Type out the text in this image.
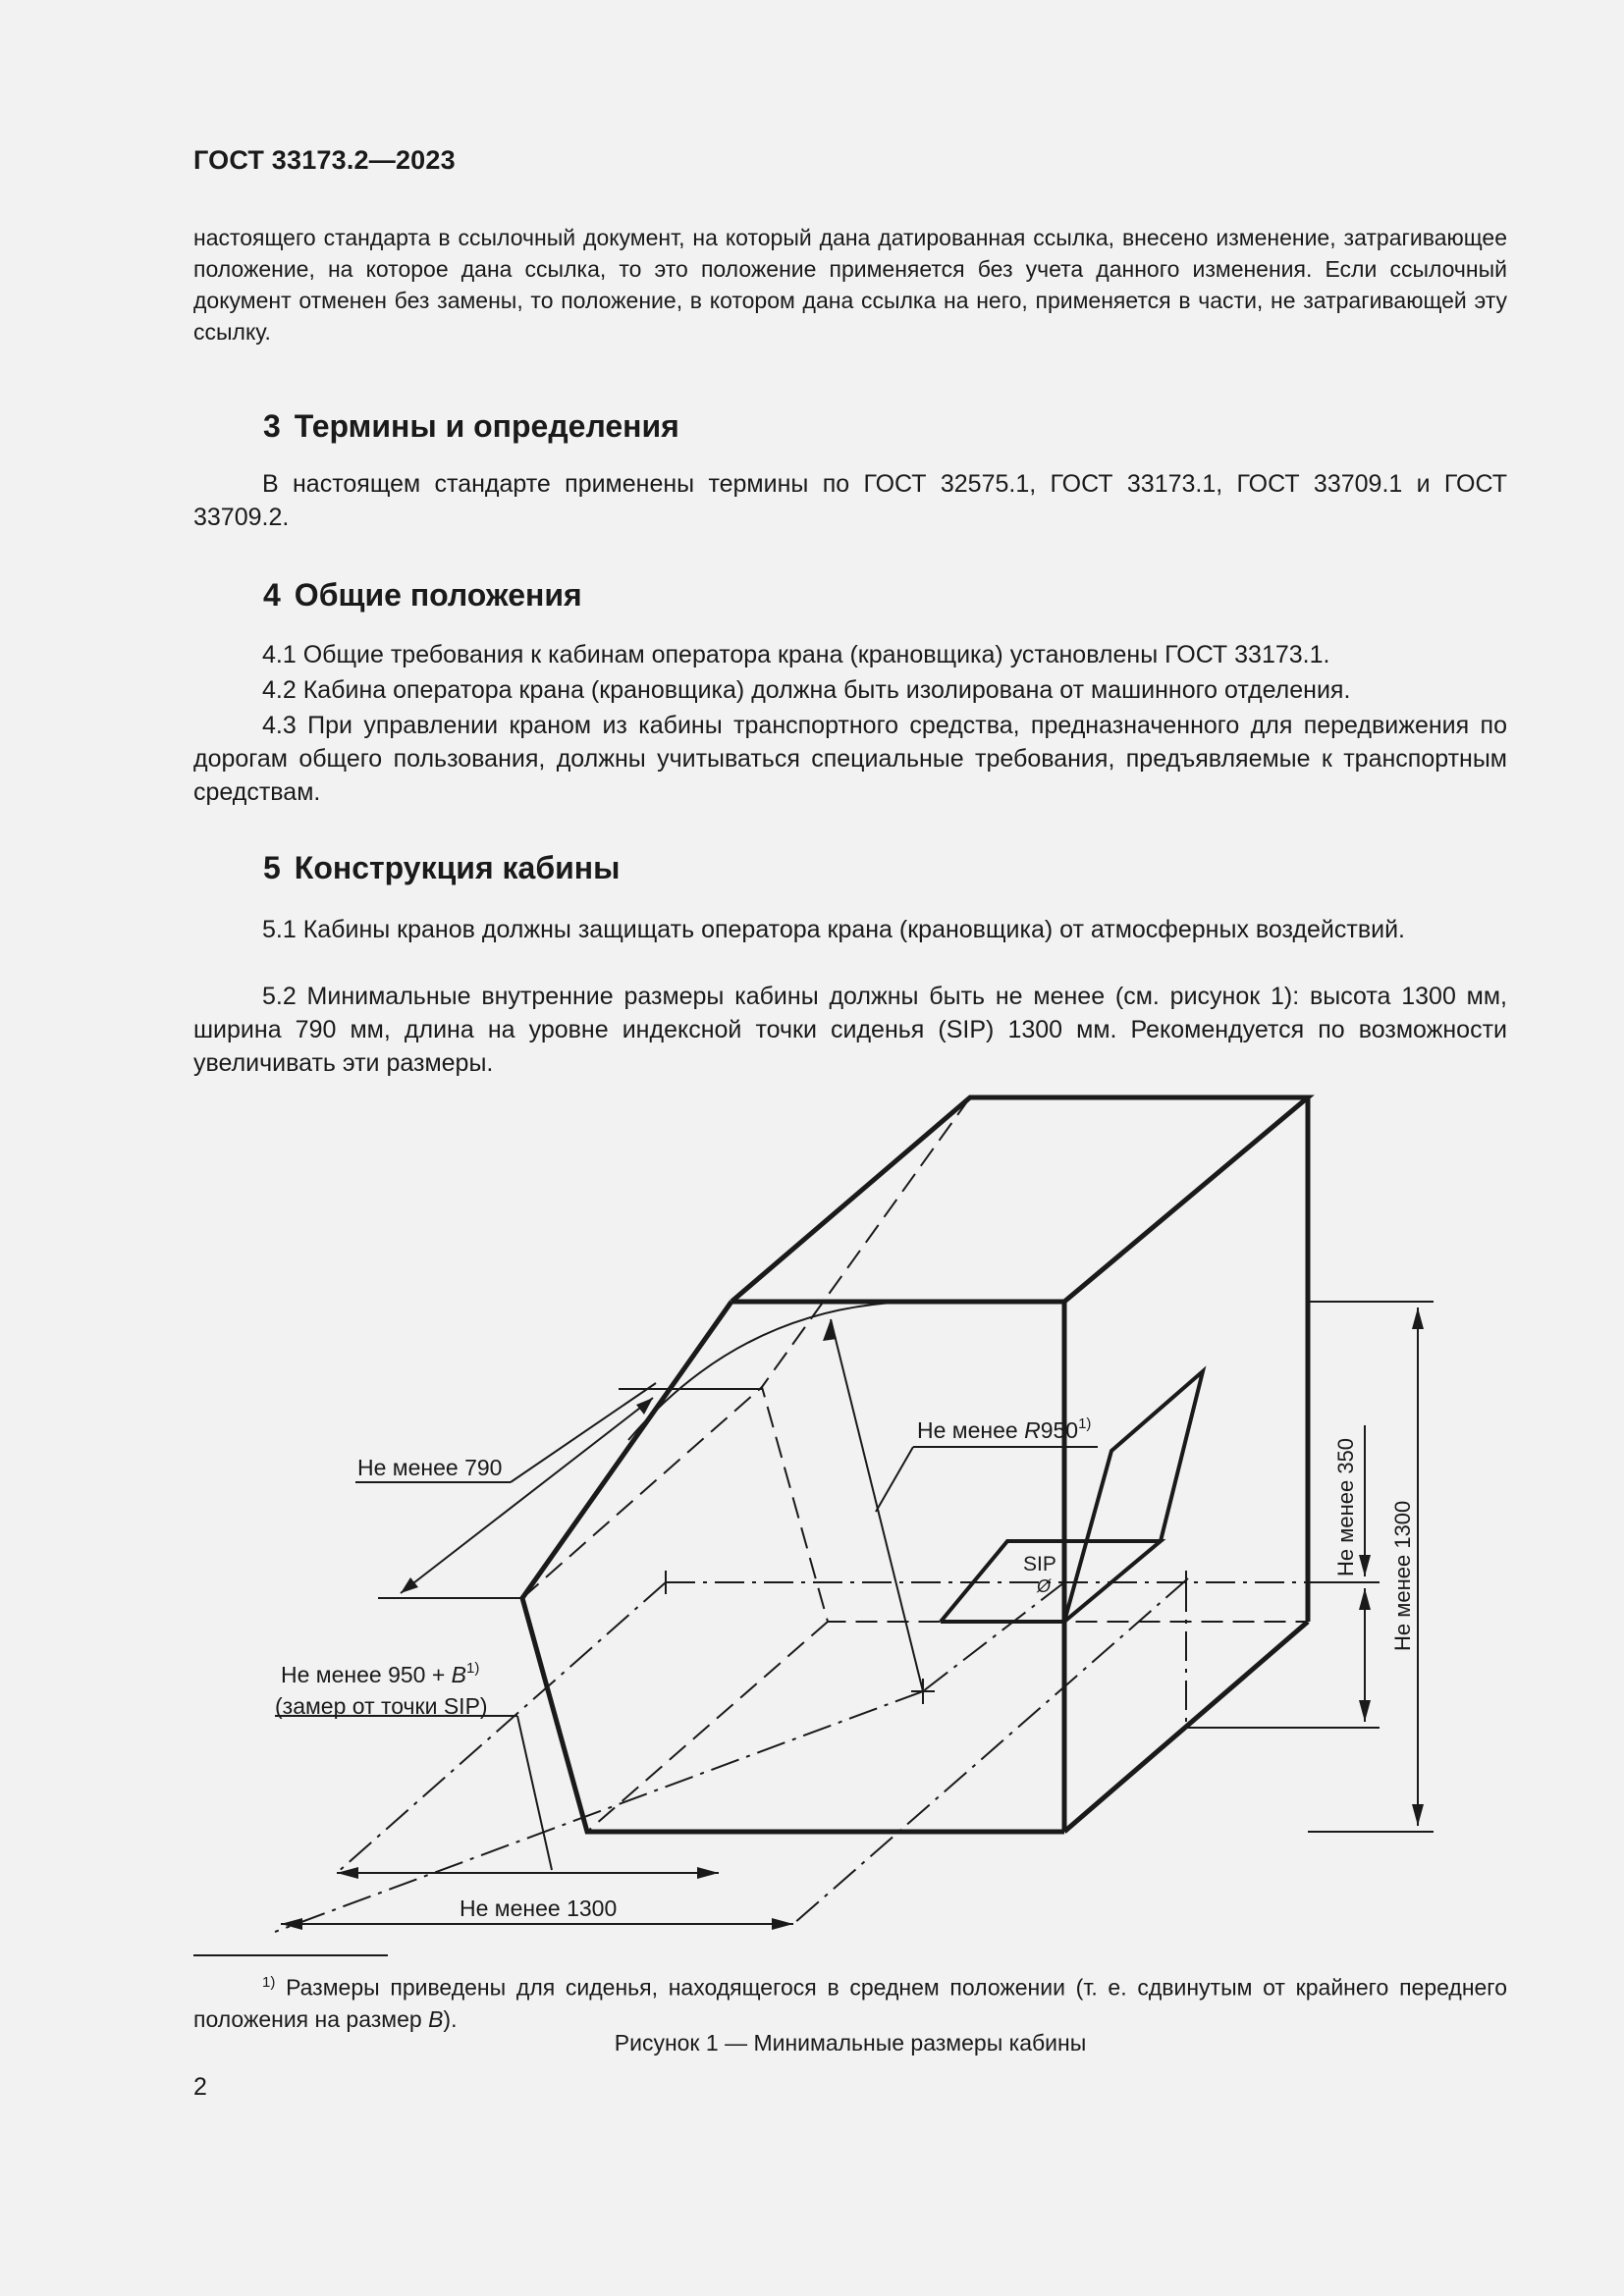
ГОСТ 33173.2—2023

настоящего стандарта в ссылочный документ, на который дана датированная ссылка, внесено изменение, затрагивающее положение, на которое дана ссылка, то это положение применяется без учета данного изменения. Если ссылочный документ отменен без замены, то положение, в котором дана ссылка на него, применяется в части, не затрагивающей эту ссылку.

3 Термины и определения

В настоящем стандарте применены термины по ГОСТ 32575.1, ГОСТ 33173.1, ГОСТ 33709.1 и ГОСТ 33709.2.

4 Общие положения

4.1 Общие требования к кабинам оператора крана (крановщика) установлены ГОСТ 33173.1.

4.2 Кабина оператора крана (крановщика) должна быть изолирована от машинного отделения.

4.3 При управлении краном из кабины транспортного средства, предназначенного для передвижения по дорогам общего пользования, должны учитываться специальные требования, предъявляемые к транспортным средствам.

5 Конструкция кабины

5.1 Кабины кранов должны защищать оператора крана (крановщика) от атмосферных воздействий.

5.2 Минимальные внутренние размеры кабины должны быть не менее (см. рисунок 1): высота 1300 мм, ширина 790 мм, длина на уровне индексной точки сиденья (SIP) 1300 мм. Рекомендуется по возможности увеличивать эти размеры.

Не менее 790
Не менее R950$^{1)}$
SIP
Ø
Не менее 350 Не менее 1300
Не менее $950 + B^{1)}$
(замер от точки SIP)
Не менее 1300

$^{1)}$ Размеры приведены для сиденья, находящегося в среднем положении (т. е. сдвинутым от крайнего переднего положения на размер B).

Рисунок 1 — Минимальные размеры кабины
2
